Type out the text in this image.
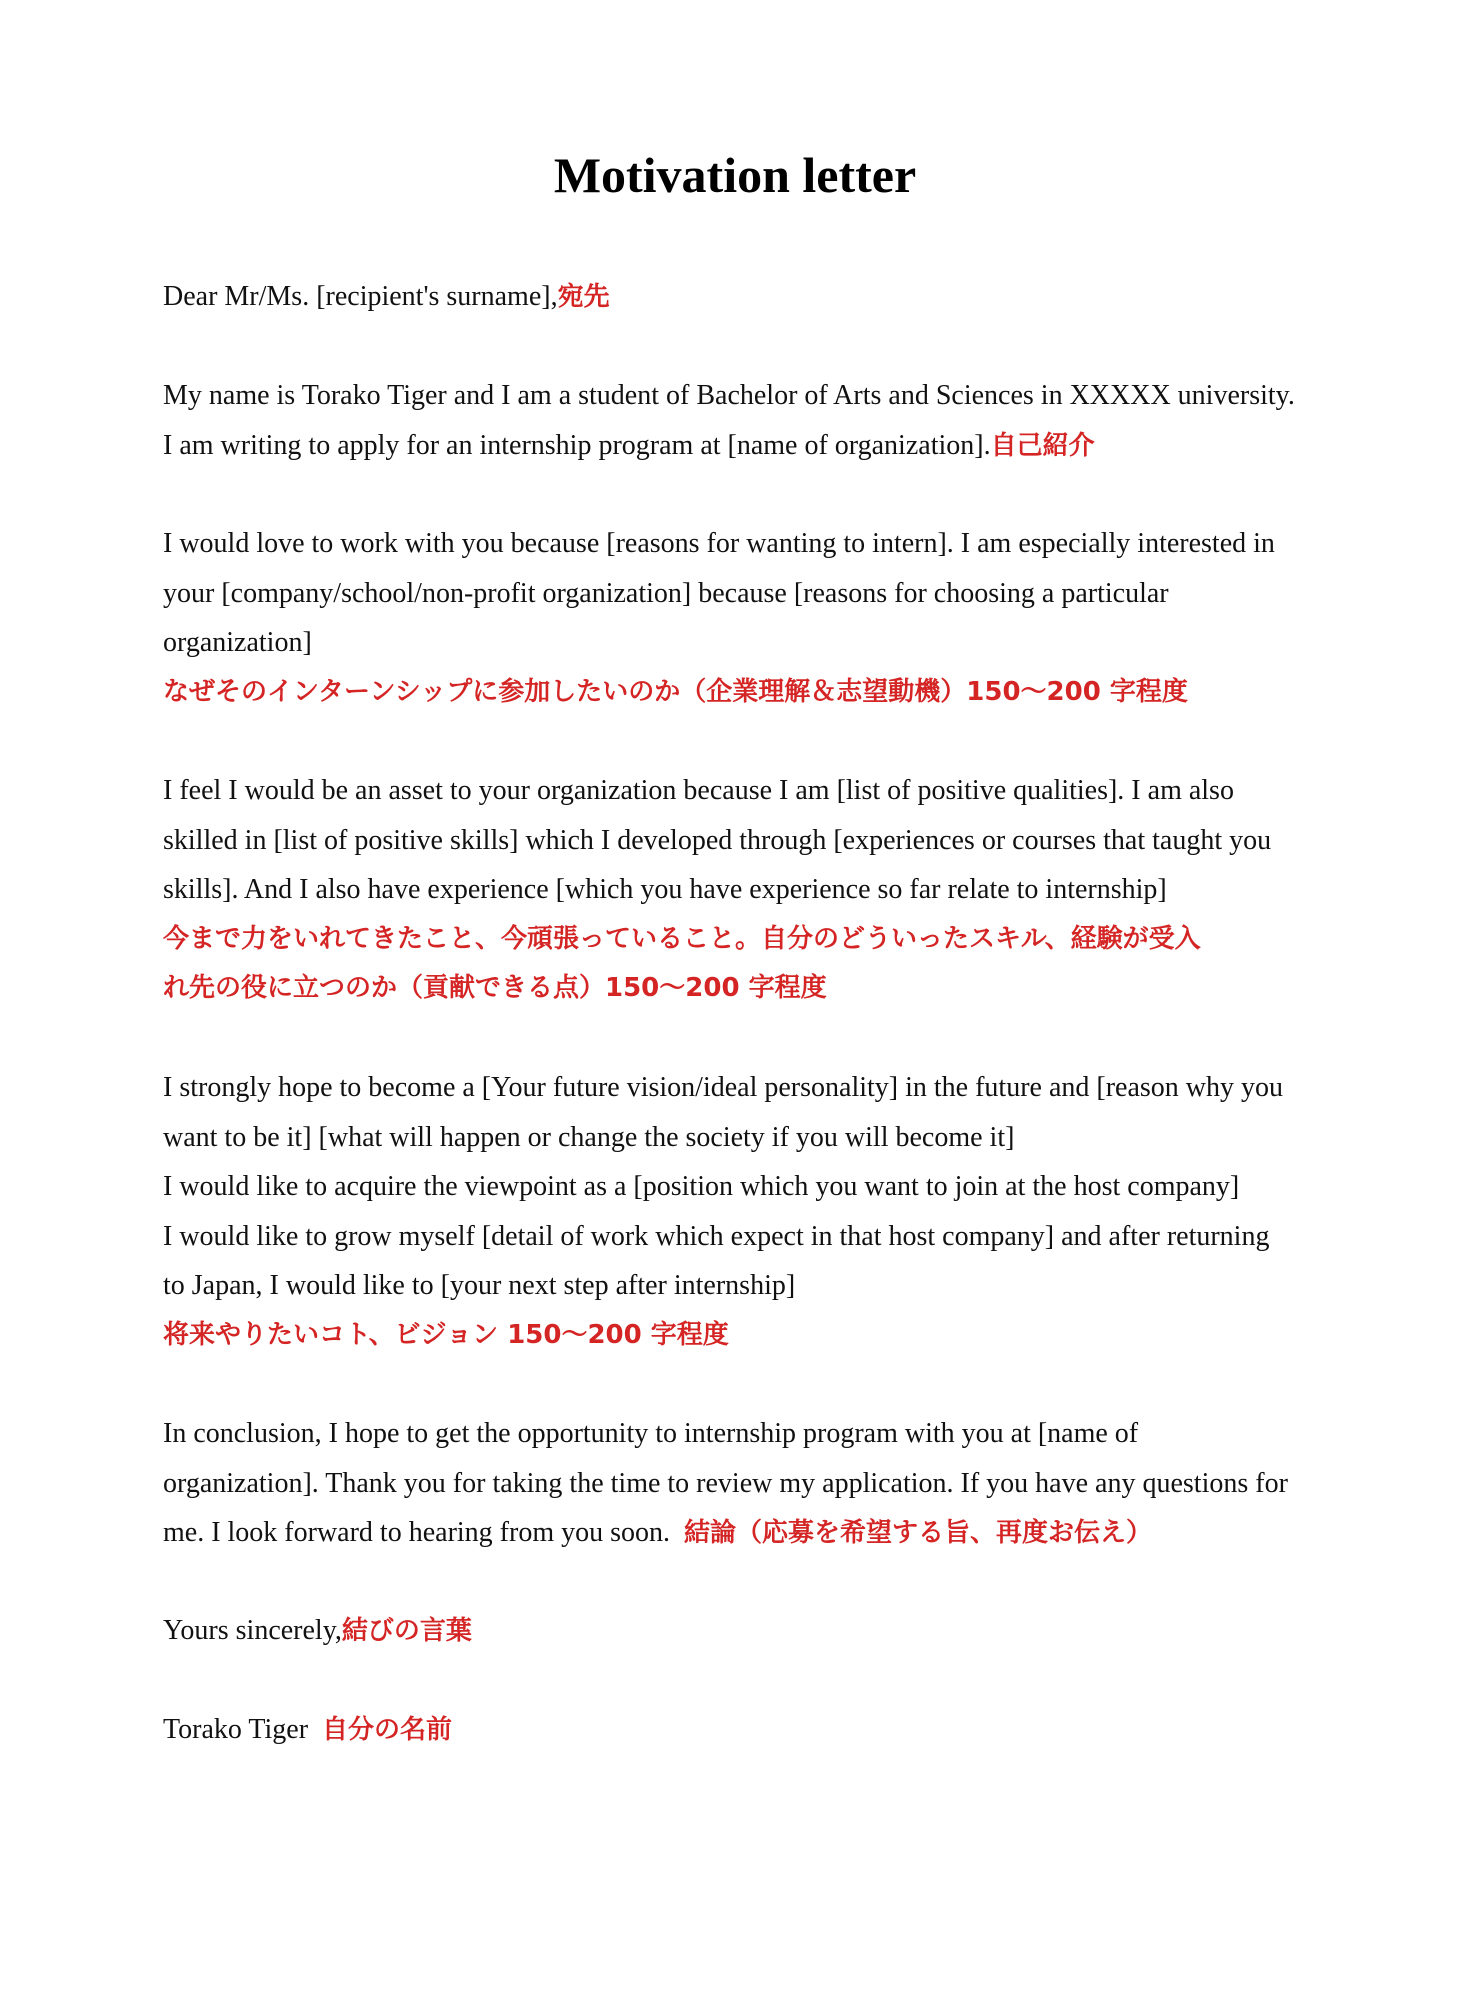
Motivation letter
Dear Mr/Ms. [recipient's surname],宛先
My name is Torako Tiger and I am a student of Bachelor of Arts and Sciences in XXXXX university.
I am writing to apply for an internship program at [name of organization].自己紹介
I would love to work with you because [reasons for wanting to intern]. I am especially interested in
your [company/school/non-profit organization] because [reasons for choosing a particular
organization]
なぜそのインターンシップに参加したいのか（企業理解＆志望動機）150〜200 字程度
I feel I would be an asset to your organization because I am [list of positive qualities]. I am also
skilled in [list of positive skills] which I developed through [experiences or courses that taught you
skills]. And I also have experience [which you have experience so far relate to internship]
今まで力をいれてきたこと、今頑張っていること。自分のどういったスキル、経験が受入
れ先の役に立つのか（貢献できる点）150〜200 字程度
I strongly hope to become a [Your future vision/ideal personality] in the future and [reason why you
want to be it] [what will happen or change the society if you will become it]
I would like to acquire the viewpoint as a [position which you want to join at the host company]
I would like to grow myself [detail of work which expect in that host company] and after returning
to Japan, I would like to [your next step after internship]
将来やりたいコト、ビジョン 150〜200 字程度
In conclusion, I hope to get the opportunity to internship program with you at [name of
organization]. Thank you for taking the time to review my application. If you have any questions for
me. I look forward to hearing from you soon. 結論（応募を希望する旨、再度お伝え）
Yours sincerely,結びの言葉
Torako Tiger 自分の名前
